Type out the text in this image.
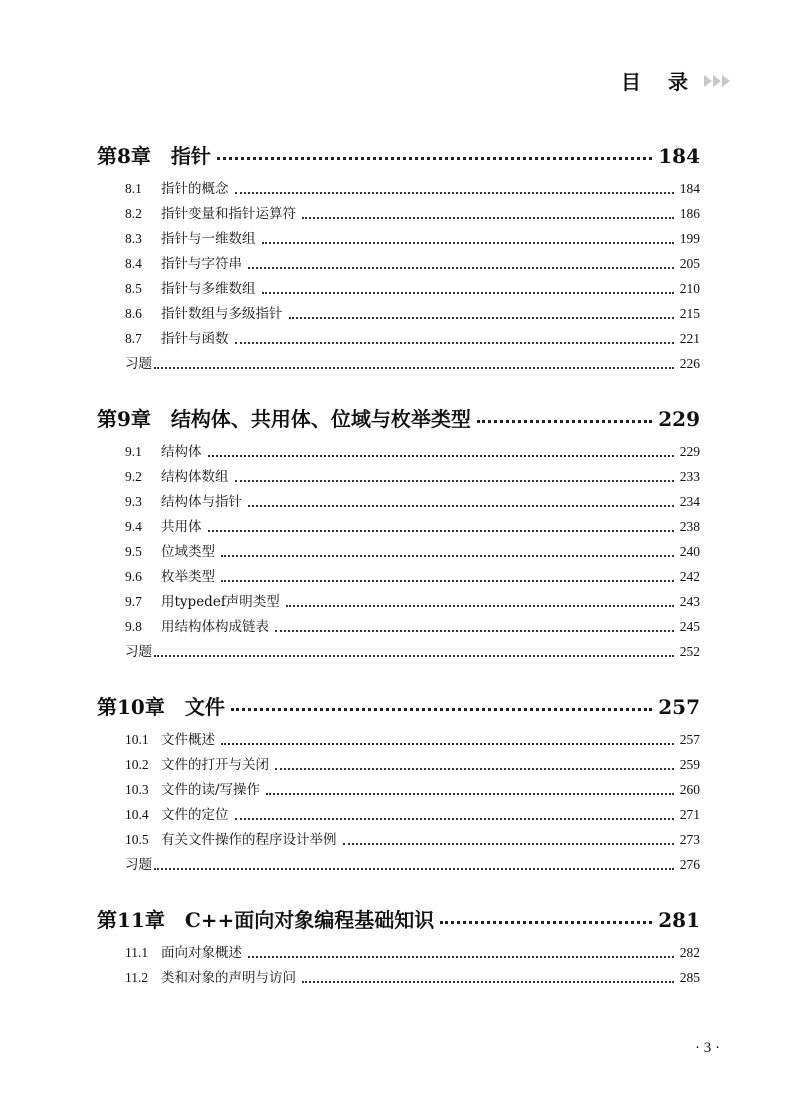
目 录
第8章 指针	184
8.1	指针的概念	184
8.2	指针变量和指针运算符	186
8.3	指针与一维数组	199
8.4	指针与字符串	205
8.5	指针与多维数组	210
8.6	指针数组与多级指针	215
8.7	指针与函数	221
习题	226
第9章 结构体、共用体、位域与枚举类型	229
9.1	结构体	229
9.2	结构体数组	233
9.3	结构体与指针	234
9.4	共用体	238
9.5	位域类型	240
9.6	枚举类型	242
9.7	用typedef声明类型	243
9.8	用结构体构成链表	245
习题	252
第10章 文件	257
10.1 文件概述	257
10.2 文件的打开与关闭	259
10.3 文件的读/写操作	260
10.4 文件的定位	271
10.5 有关文件操作的程序设计举例	273
习题	276
第11章 C++面向对象编程基础知识	281
11.1 面向对象概述	282
11.2 类和对象的声明与访问	285
· 3 ·
